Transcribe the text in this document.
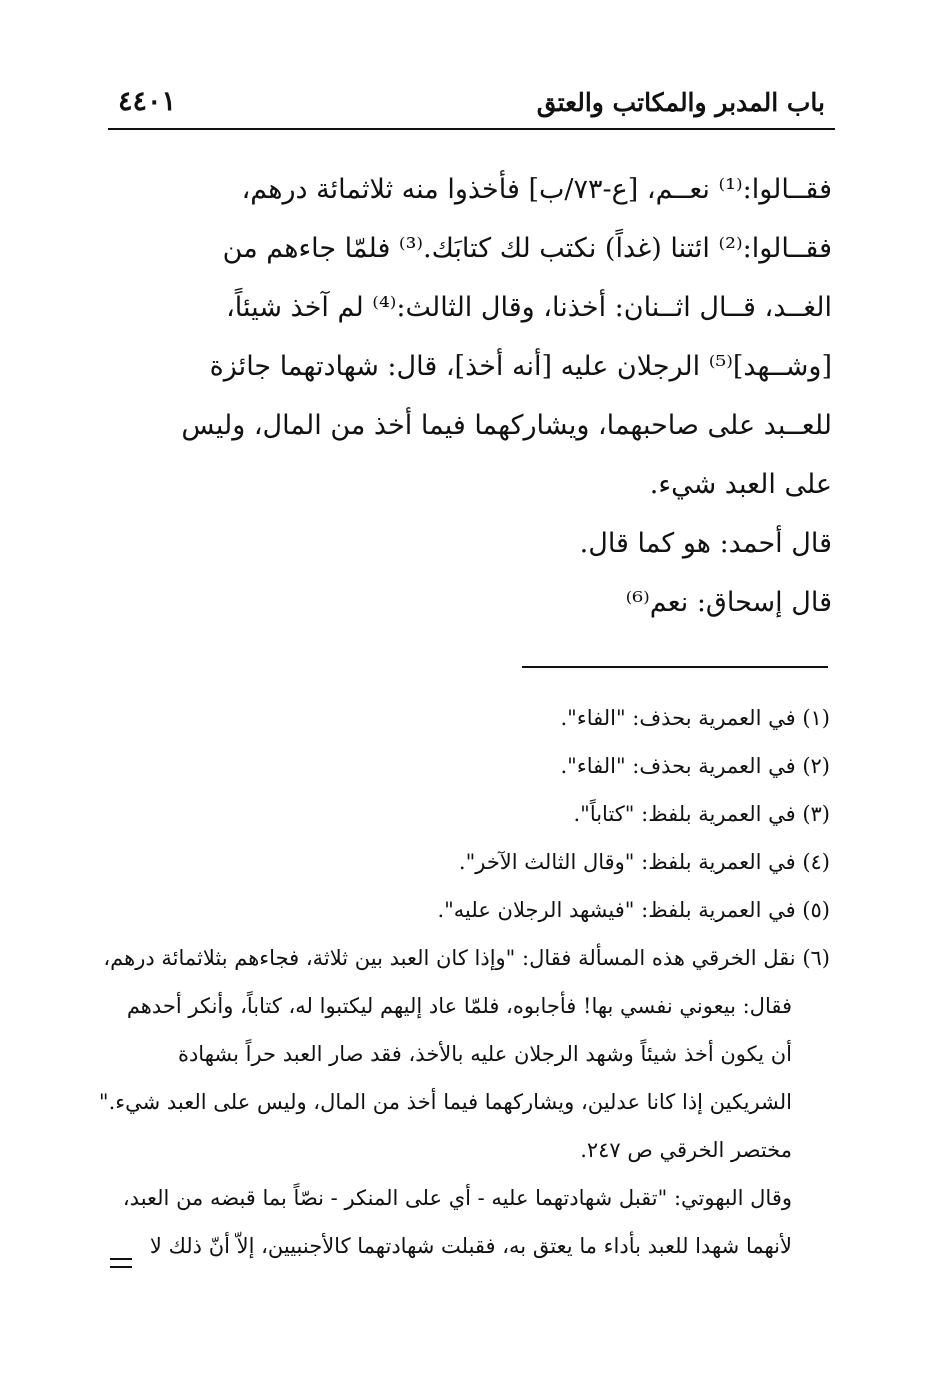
باب المدبر والمكاتب والعتق
٤٤٠١
فقــالوا:⁽¹⁾ نعــم، [ع-٧٣/ب] فأخذوا منه ثلاثمائة درهم،
فقــالوا:⁽²⁾ ائتنا (غداً) نكتب لك كتابَك.⁽³⁾ فلمّا جاءهم من
الغــد، قــال اثــنان: أخذنا، وقال الثالث:⁽⁴⁾ لم آخذ شيئاً،
[وشــهد]⁽⁵⁾ الرجلان عليه [أنه أخذ]، قال: شهادتهما جائزة
للعــبد على صاحبهما، ويشاركهما فيما أخذ من المال، وليس
على العبد شيء.
قال أحمد: هو كما قال.
قال إسحاق: نعم⁽⁶⁾
(١) في العمرية بحذف: "الفاء".
(٢) في العمرية بحذف: "الفاء".
(٣) في العمرية بلفظ: "كتاباً".
(٤) في العمرية بلفظ: "وقال الثالث الآخر".
(٥) في العمرية بلفظ: "فيشهد الرجلان عليه".
(٦) نقل الخرقي هذه المسألة فقال: "وإذا كان العبد بين ثلاثة، فجاءهم بثلاثمائة درهم،
فقال: بيعوني نفسي بها! فأجابوه، فلمّا عاد إليهم ليكتبوا له، كتاباً، وأنكر أحدهم
أن يكون أخذ شيئاً وشهد الرجلان عليه بالأخذ، فقد صار العبد حراً بشهادة
الشريكين إذا كانا عدلين، ويشاركهما فيما أخذ من المال، وليس على العبد شيء."
مختصر الخرقي ص ٢٤٧.
وقال البهوتي: "تقبل شهادتهما عليه - أي على المنكر - نصّاً بما قبضه من العبد،
لأنهما شهدا للعبد بأداء ما يعتق به، فقبلت شهادتهما كالأجنبيين، إلاّ أنّ ذلك لا
